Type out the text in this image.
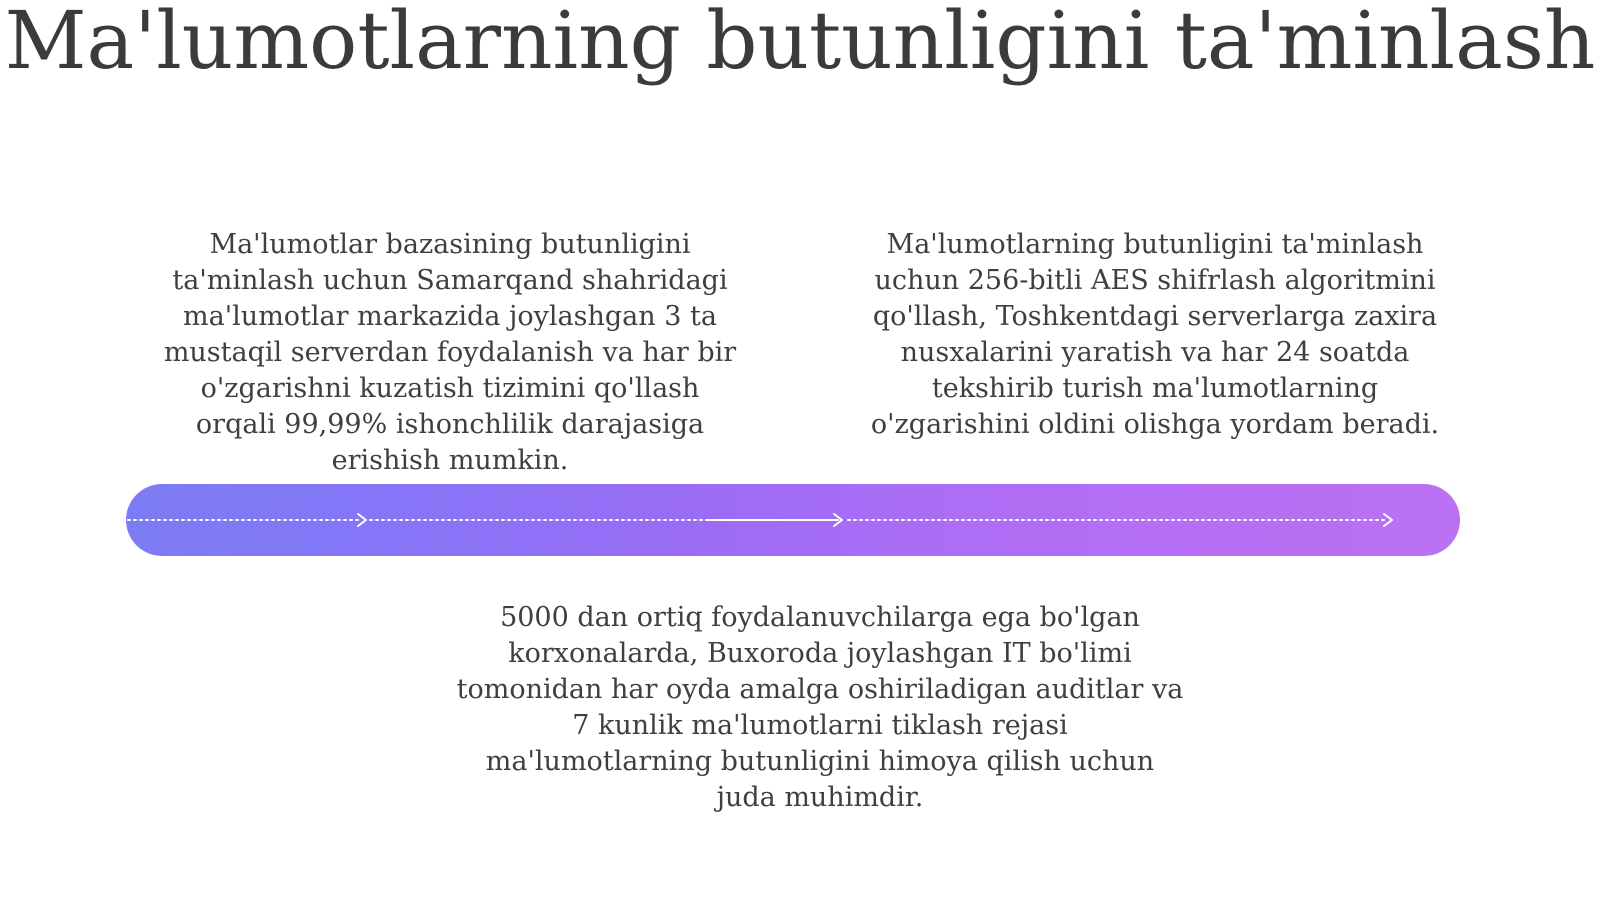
Ma'lumotlarning butunligini ta'minlash

Ma'lumotlar bazasining butunligini ta'minlash uchun Samarqand shahridagi ma'lumotlar markazida joylashgan 3 ta mustaqil serverdan foydalanish va har bir o'zgarishni kuzatish tizimini qo'llash orqali 99,99% ishonchlilik darajasiga erishish mumkin.

Ma'lumotlarning butunligini ta'minlash uchun 256-bitli AES shifrlash algoritmini qo'llash, Toshkentdagi serverlarga zaxira nusxalarini yaratish va har 24 soatda tekshirib turish ma'lumotlarning o'zgarishini oldini olishga yordam beradi.

5000 dan ortiq foydalanuvchilarga ega bo'lgan korxonalarda, Buxoroda joylashgan IT bo'limi tomonidan har oyda amalga oshiriladigan auditlar va 7 kunlik ma'lumotlarni tiklash rejasi ma'lumotlarning butunligini himoya qilish uchun juda muhimdir.
